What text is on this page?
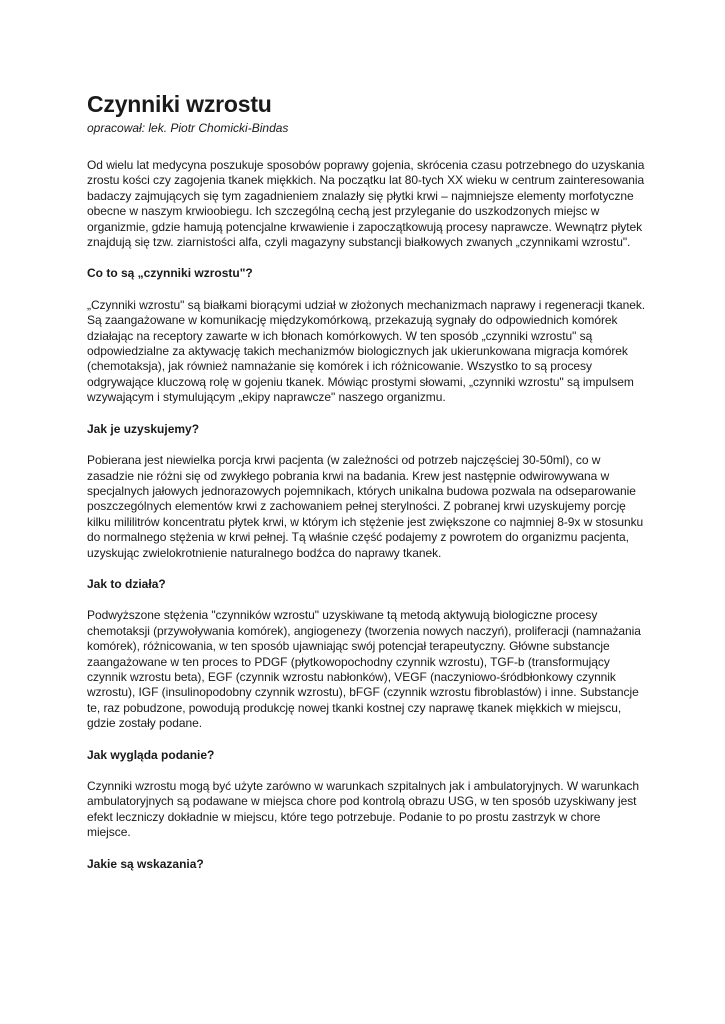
Czynniki wzrostu

opracował: lek. Piotr Chomicki-Bindas

Od wielu lat medycyna poszukuje sposobów poprawy gojenia, skrócenia czasu potrzebnego do uzyskania zrostu kości czy zagojenia tkanek miękkich. Na początku lat 80-tych XX wieku w centrum zainteresowania badaczy zajmujących się tym zagadnieniem znalazły się płytki krwi – najmniejsze elementy morfotyczne obecne w naszym krwioobiegu. Ich szczególną cechą jest przyleganie do uszkodzonych miejsc w organizmie, gdzie hamują potencjalne krwawienie i zapoczątkowują procesy naprawcze. Wewnątrz płytek znajdują się tzw. ziarnistości alfa, czyli magazyny substancji białkowych zwanych „czynnikami wzrostu".

Co to są „czynniki wzrostu"?

„Czynniki wzrostu" są białkami biorącymi udział w złożonych mechanizmach naprawy i regeneracji tkanek. Są zaangażowane w komunikację międzykomórkową, przekazują sygnały do odpowiednich komórek działając na receptory zawarte w ich błonach komórkowych. W ten sposób „czynniki wzrostu" są odpowiedzialne za aktywację takich mechanizmów biologicznych jak ukierunkowana migracja komórek (chemotaksja), jak również namnażanie się komórek i ich różnicowanie. Wszystko to są procesy odgrywające kluczową rolę w gojeniu tkanek. Mówiąc prostymi słowami, „czynniki wzrostu" są impulsem wzywającym i stymulującym „ekipy naprawcze" naszego organizmu.

Jak je uzyskujemy?

Pobierana jest niewielka porcja krwi pacjenta (w zależności od potrzeb najczęściej 30-50ml), co w zasadzie nie różni się od zwykłego pobrania krwi na badania. Krew jest następnie odwirowywana w specjalnych jałowych jednorazowych pojemnikach, których unikalna budowa pozwala na odseparowanie poszczególnych elementów krwi z zachowaniem pełnej sterylności. Z pobranej krwi uzyskujemy porcję kilku mililitrów koncentratu płytek krwi, w którym ich stężenie jest zwiększone co najmniej 8-9x w stosunku do normalnego stężenia w krwi pełnej. Tą właśnie część podajemy z powrotem do organizmu pacjenta, uzyskując zwielokrotnienie naturalnego bodźca do naprawy tkanek.

Jak to działa?

Podwyższone stężenia "czynników wzrostu" uzyskiwane tą metodą aktywują biologiczne procesy chemotaksji (przywoływania komórek), angiogenezy (tworzenia nowych naczyń), proliferacji (namnażania komórek), różnicowania, w ten sposób ujawniając swój potencjał terapeutyczny. Główne substancje zaangażowane w ten proces to PDGF (płytkowopochodny czynnik wzrostu), TGF-b (transformujący czynnik wzrostu beta), EGF (czynnik wzrostu nabłonków), VEGF (naczyniowo-śródbłonkowy czynnik wzrostu), IGF (insulinopodobny czynnik wzrostu), bFGF (czynnik wzrostu fibroblastów) i inne. Substancje te, raz pobudzone, powodują produkcję nowej tkanki kostnej czy naprawę tkanek miękkich w miejscu, gdzie zostały podane.

Jak wygląda podanie?

Czynniki wzrostu mogą być użyte zarówno w warunkach szpitalnych jak i ambulatoryjnych. W warunkach ambulatoryjnych są podawane w miejsca chore pod kontrolą obrazu USG, w ten sposób uzyskiwany jest efekt leczniczy dokładnie w miejscu, które tego potrzebuje. Podanie to po prostu zastrzyk w chore miejsce.

Jakie są wskazania?
